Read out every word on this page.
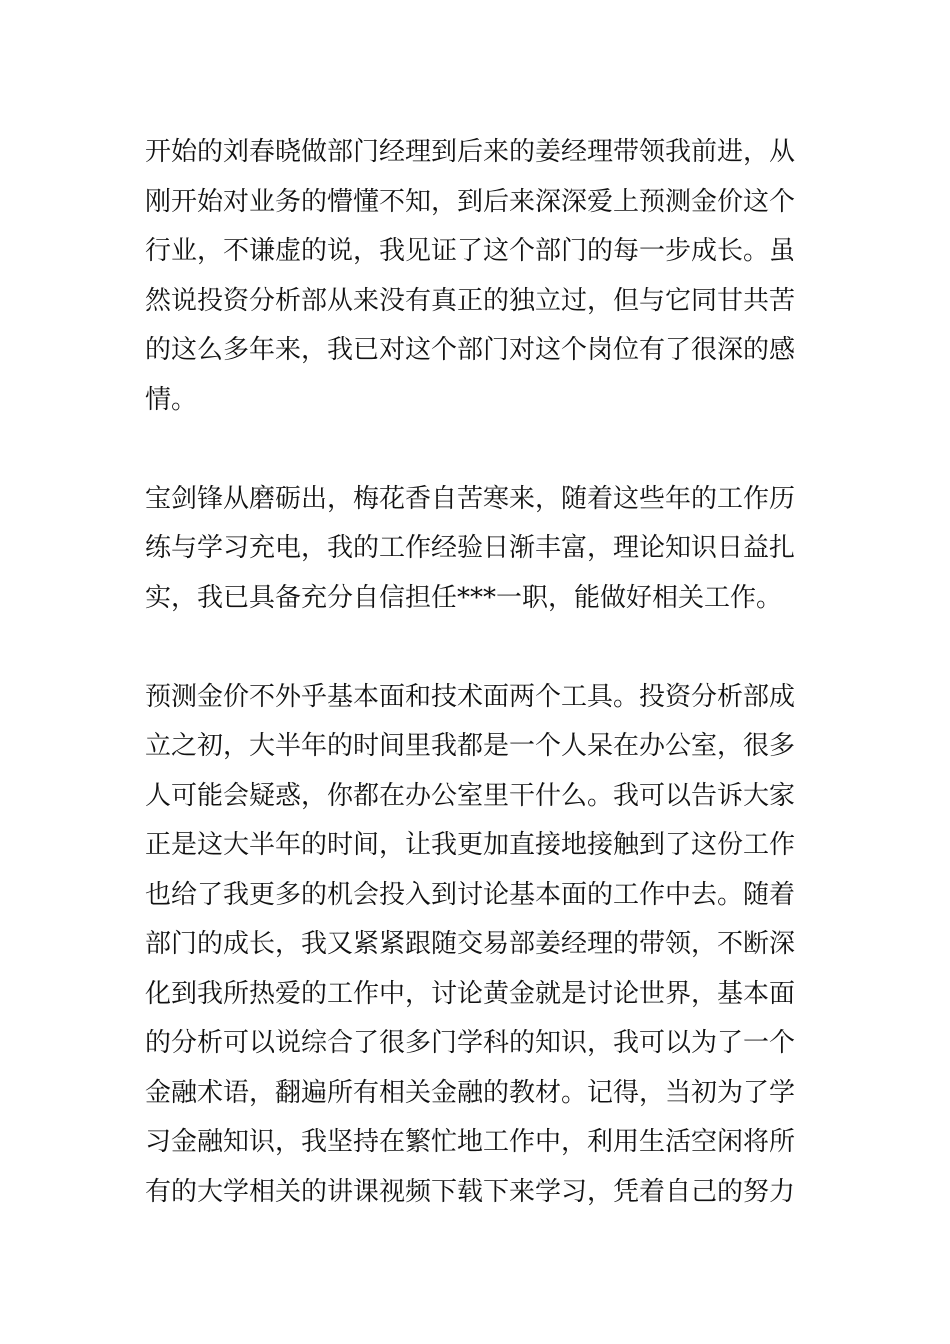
开始的刘春晓做部门经理到后来的姜经理带领我前进，从
刚开始对业务的懵懂不知，到后来深深爱上预测金价这个
行业，不谦虚的说，我见证了这个部门的每一步成长。虽
然说投资分析部从来没有真正的独立过，但与它同甘共苦
的这么多年来，我已对这个部门对这个岗位有了很深的感
情。

宝剑锋从磨砺出，梅花香自苦寒来，随着这些年的工作历
练与学习充电，我的工作经验日渐丰富，理论知识日益扎
实，我已具备充分自信担任***一职，能做好相关工作。

预测金价不外乎基本面和技术面两个工具。投资分析部成
立之初，大半年的时间里我都是一个人呆在办公室，很多
人可能会疑惑，你都在办公室里干什么。我可以告诉大家
正是这大半年的时间，让我更加直接地接触到了这份工作
也给了我更多的机会投入到讨论基本面的工作中去。随着
部门的成长，我又紧紧跟随交易部姜经理的带领，不断深
化到我所热爱的工作中，讨论黄金就是讨论世界，基本面
的分析可以说综合了很多门学科的知识，我可以为了一个
金融术语，翻遍所有相关金融的教材。记得，当初为了学
习金融知识，我坚持在繁忙地工作中，利用生活空闲将所
有的大学相关的讲课视频下载下来学习，凭着自己的努力
